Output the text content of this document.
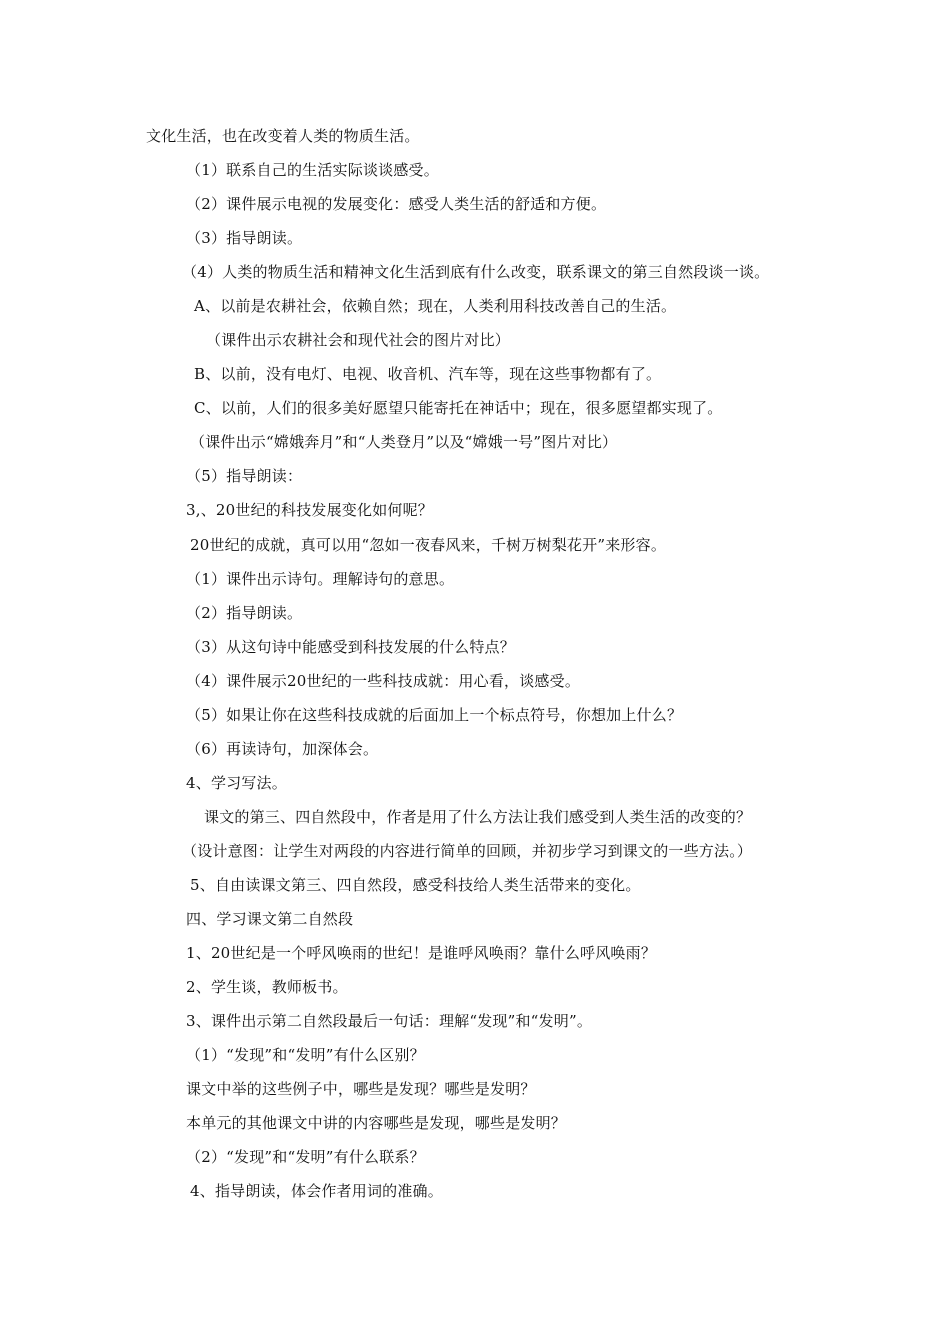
文化生活，也在改变着人类的物质生活。
（1）联系自己的生活实际谈谈感受。
（2）课件展示电视的发展变化：感受人类生活的舒适和方便。
（3）指导朗读。
（4）人类的物质生活和精神文化生活到底有什么改变，联系课文的第三自然段谈一谈。
A、以前是农耕社会，依赖自然；现在，人类利用科技改善自己的生活。
（课件出示农耕社会和现代社会的图片对比）
B、以前，没有电灯、电视、收音机、汽车等，现在这些事物都有了。
C、以前，人们的很多美好愿望只能寄托在神话中；现在，很多愿望都实现了。
（课件出示“嫦娥奔月”和“人类登月”以及“嫦娥一号”图片对比）
（5）指导朗读：
3,、20世纪的科技发展变化如何呢？
20世纪的成就，真可以用“忽如一夜春风来，千树万树梨花开”来形容。
（1）课件出示诗句。理解诗句的意思。
（2）指导朗读。
（3）从这句诗中能感受到科技发展的什么特点？
（4）课件展示20世纪的一些科技成就：用心看，谈感受。
（5）如果让你在这些科技成就的后面加上一个标点符号，你想加上什么？
（6）再读诗句，加深体会。
4、学习写法。
课文的第三、四自然段中，作者是用了什么方法让我们感受到人类生活的改变的？
（设计意图：让学生对两段的内容进行简单的回顾，并初步学习到课文的一些方法。）
5、自由读课文第三、四自然段，感受科技给人类生活带来的变化。
四、学习课文第二自然段
1、20世纪是一个呼风唤雨的世纪！是谁呼风唤雨？靠什么呼风唤雨？
2、学生谈，教师板书。
3、课件出示第二自然段最后一句话：理解“发现”和“发明”。
（1）“发现”和“发明”有什么区别？
课文中举的这些例子中，哪些是发现？哪些是发明？
本单元的其他课文中讲的内容哪些是发现，哪些是发明？
（2）“发现”和“发明”有什么联系？
4、指导朗读，体会作者用词的准确。
